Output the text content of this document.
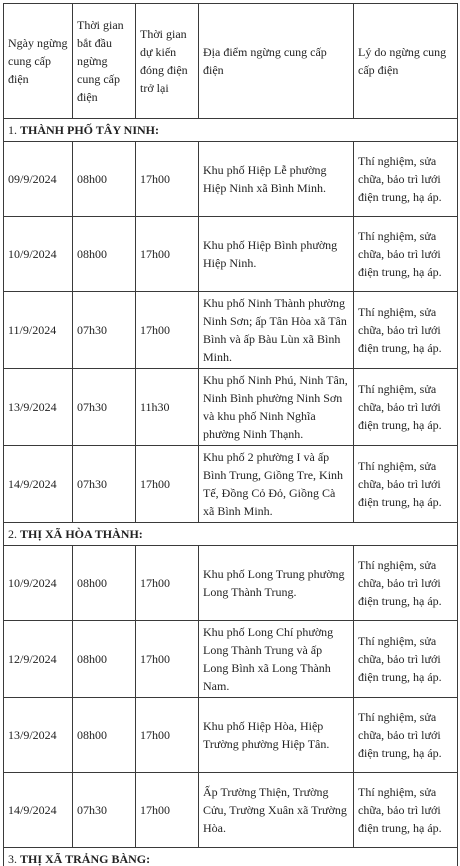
Ngày ngừng cung cấp điện	Thời gian bắt đầu ngừng cung cấp điện	Thời gian dự kiến đóng điện trở lại	Địa điểm ngừng cung cấp điện	Lý do ngừng cung cấp điện
1. THÀNH PHỐ TÂY NINH:				
09/9/2024	08h00	17h00	Khu phố Hiệp Lễ phường Hiệp Ninh xã Bình Minh.	Thí nghiệm, sửa chữa, bảo trì lưới điện trung, hạ áp.
10/9/2024	08h00	17h00	Khu phố Hiệp Bình phường Hiệp Ninh.	Thí nghiệm, sửa chữa, bảo trì lưới điện trung, hạ áp.
11/9/2024	07h30	17h00	Khu phố Ninh Thành phường Ninh Sơn; ấp Tân Hòa xã Tân Bình và ấp Bàu Lùn xã Bình Minh.	Thí nghiệm, sửa chữa, bảo trì lưới điện trung, hạ áp.
13/9/2024	07h30	11h30	Khu phố Ninh Phú, Ninh Tân, Ninh Bình phường Ninh Sơn và khu phố Ninh Nghĩa phường Ninh Thạnh.	Thí nghiệm, sửa chữa, bảo trì lưới điện trung, hạ áp.
14/9/2024	07h30	17h00	Khu phố 2 phường I và ấp Bình Trung, Giồng Tre, Kinh Tế, Đồng Cỏ Đỏ, Giồng Cà xã Bình Minh.	Thí nghiệm, sửa chữa, bảo trì lưới điện trung, hạ áp.
2. THỊ XÃ HÒA THÀNH:				
10/9/2024	08h00	17h00	Khu phố Long Trung phường Long Thành Trung.	Thí nghiệm, sửa chữa, bảo trì lưới điện trung, hạ áp.
12/9/2024	08h00	17h00	Khu phố Long Chí phường Long Thành Trung và ấp Long Bình xã Long Thành Nam.	Thí nghiệm, sửa chữa, bảo trì lưới điện trung, hạ áp.
13/9/2024	08h00	17h00	Khu phố Hiệp Hòa, Hiệp Trường phường Hiệp Tân.	Thí nghiệm, sửa chữa, bảo trì lưới điện trung, hạ áp.
14/9/2024	07h30	17h00	Ấp Trường Thiện, Trường Cửu, Trường Xuân xã Trường Hòa.	Thí nghiệm, sửa chữa, bảo trì lưới điện trung, hạ áp.
3. THỊ XÃ TRẢNG BÀNG:				
